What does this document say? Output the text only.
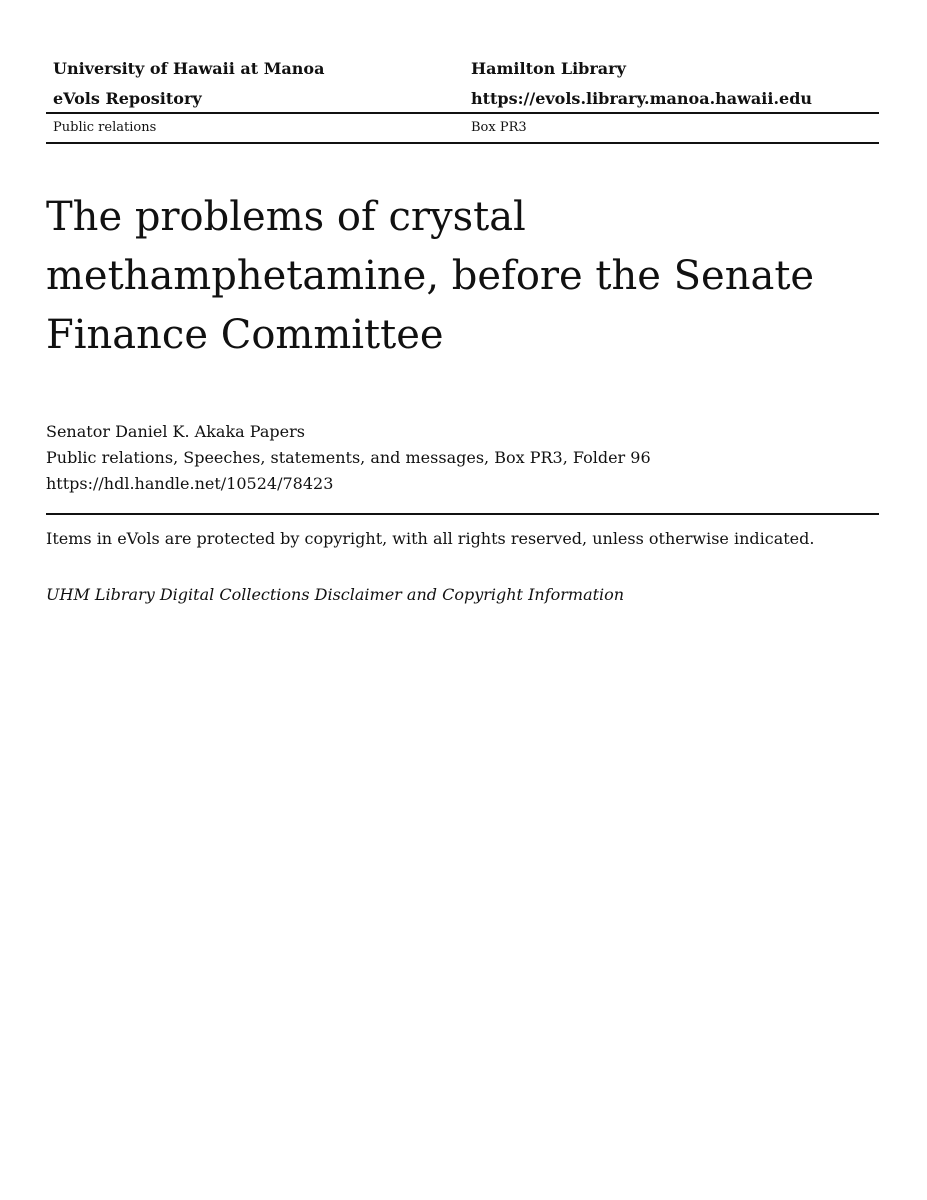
University of Hawaii at Manoa	Hamilton Library
eVols Repository	https://evols.library.manoa.hawaii.edu
Public relations	Box PR3
The problems of crystal methamphetamine, before the Senate Finance Committee
Senator Daniel K. Akaka Papers
Public relations, Speeches, statements, and messages, Box PR3, Folder 96
https://hdl.handle.net/10524/78423
Items in eVols are protected by copyright, with all rights reserved, unless otherwise indicated.
UHM Library Digital Collections Disclaimer and Copyright Information
